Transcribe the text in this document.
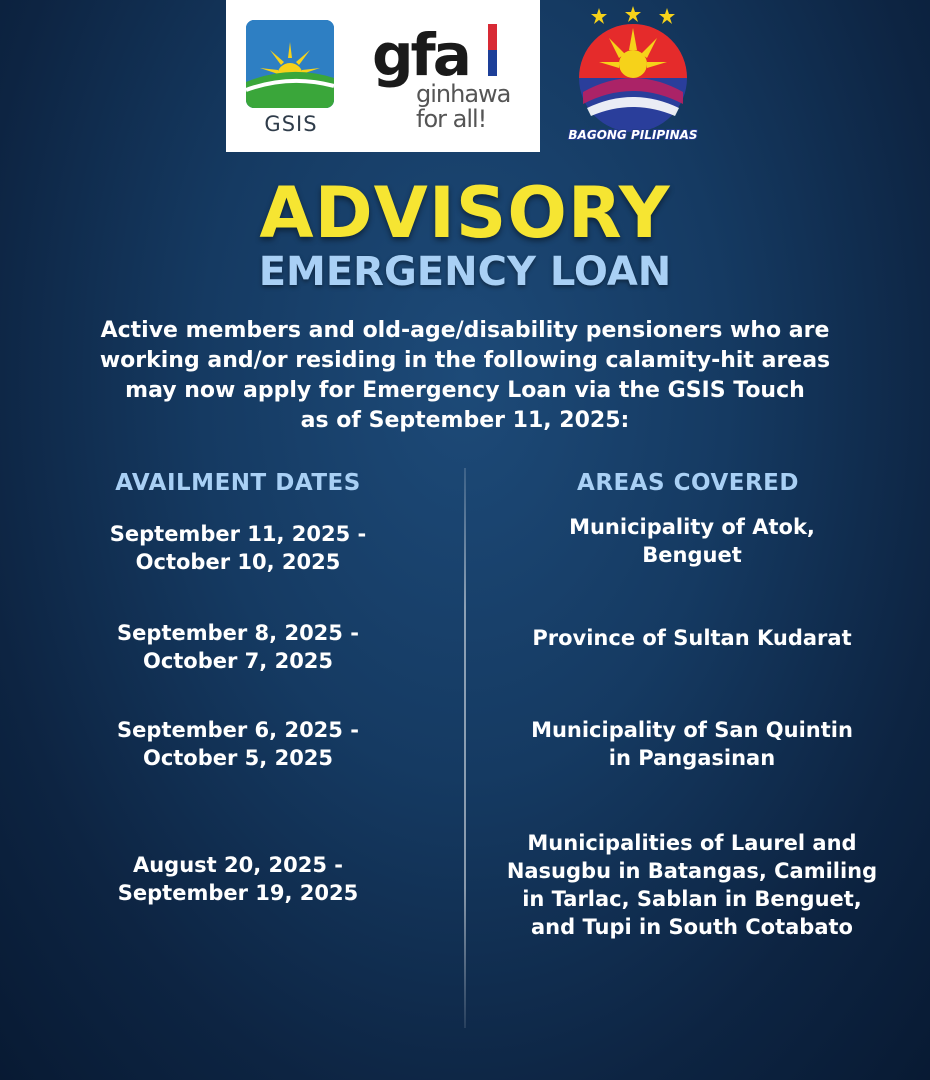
GSIS
gfa
ginhawa
for all!
BAGONG PILIPINAS
ADVISORY
EMERGENCY LOAN
Active members and old-age/disability pensioners who are
working and/or residing in the following calamity-hit areas
may now apply for Emergency Loan via the GSIS Touch
as of September 11, 2025:
AVAILMENT DATES	AREAS COVERED
September 11, 2025 -
October 10, 2025
Municipality of Atok,
Benguet
September 8, 2025 -
October 7, 2025
Province of Sultan Kudarat
September 6, 2025 -
October 5, 2025
Municipality of San Quintin
in Pangasinan
August 20, 2025 -
September 19, 2025
Municipalities of Laurel and
Nasugbu in Batangas, Camiling
in Tarlac, Sablan in Benguet,
and Tupi in South Cotabato
